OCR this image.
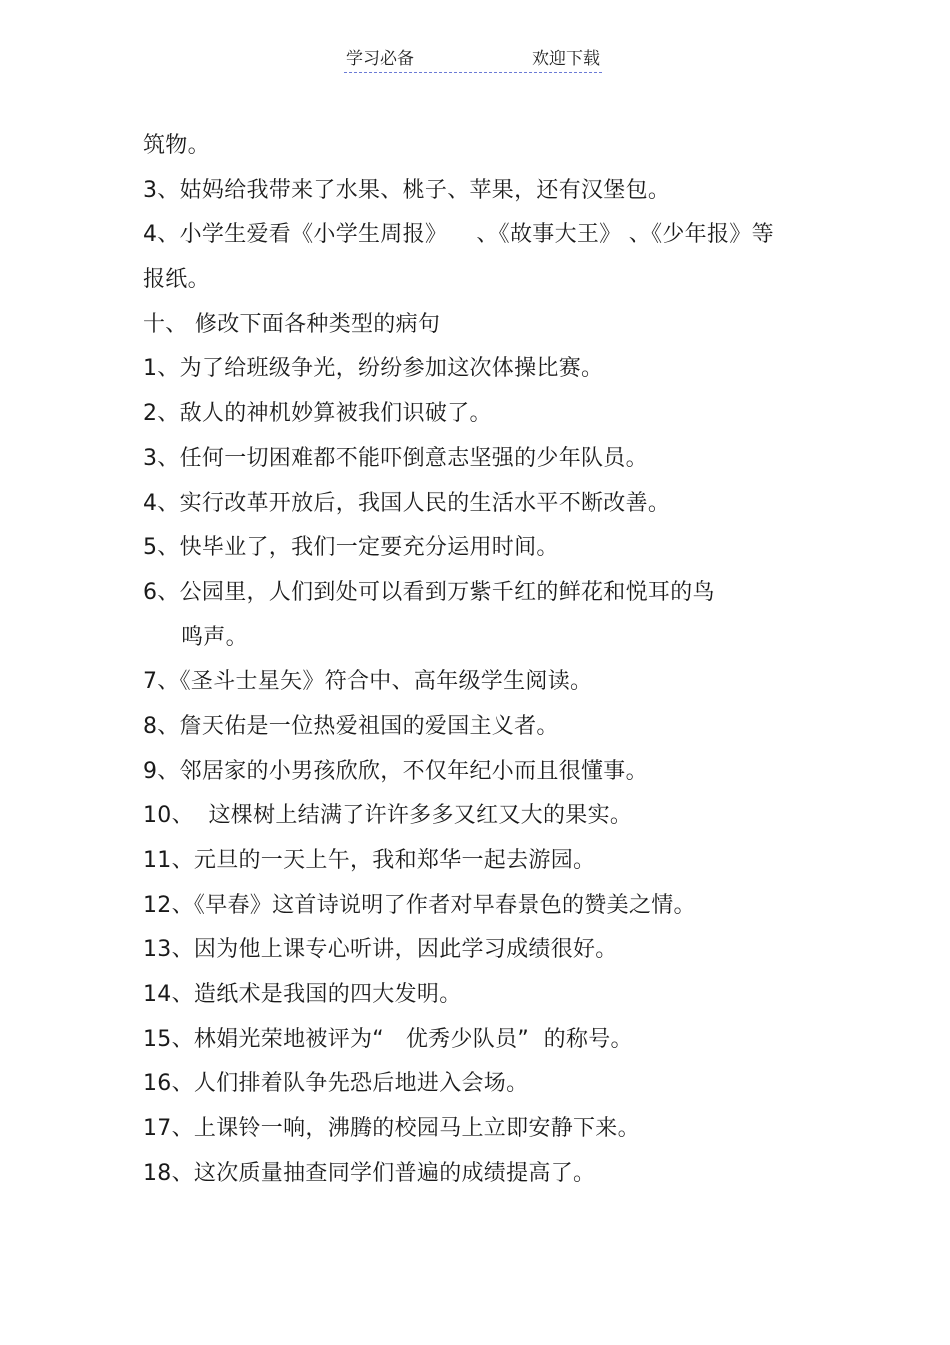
学习必备	欢迎下载
筑物。
3、姑妈给我带来了水果、桃子、苹果，还有汉堡包。
4、小学生爱看《小学生周报》    、《故事大王》 、《少年报》等
报纸。
十、 修改下面各种类型的病句
1、为了给班级争光，纷纷参加这次体操比赛。
2、敌人的神机妙算被我们识破了。
3、任何一切困难都不能吓倒意志坚强的少年队员。
4、实行改革开放后，我国人民的生活水平不断改善。
5、快毕业了，我们一定要充分运用时间。
6、公园里，人们到处可以看到万紫千红的鲜花和悦耳的鸟
鸣声。
7、《圣斗士星矢》符合中、高年级学生阅读。
8、詹天佑是一位热爱祖国的爱国主义者。
9、邻居家的小男孩欣欣，不仅年纪小而且很懂事。
10、  这棵树上结满了许许多多又红又大的果实。
11、元旦的一天上午，我和郑华一起去游园。
12、《早春》这首诗说明了作者对早春景色的赞美之情。
13、因为他上课专心听讲，因此学习成绩很好。
14、造纸术是我国的四大发明。
15、林娟光荣地被评为“   优秀少队员”  的称号。
16、人们排着队争先恐后地进入会场。
17、上课铃一响，沸腾的校园马上立即安静下来。
18、这次质量抽查同学们普遍的成绩提高了。
